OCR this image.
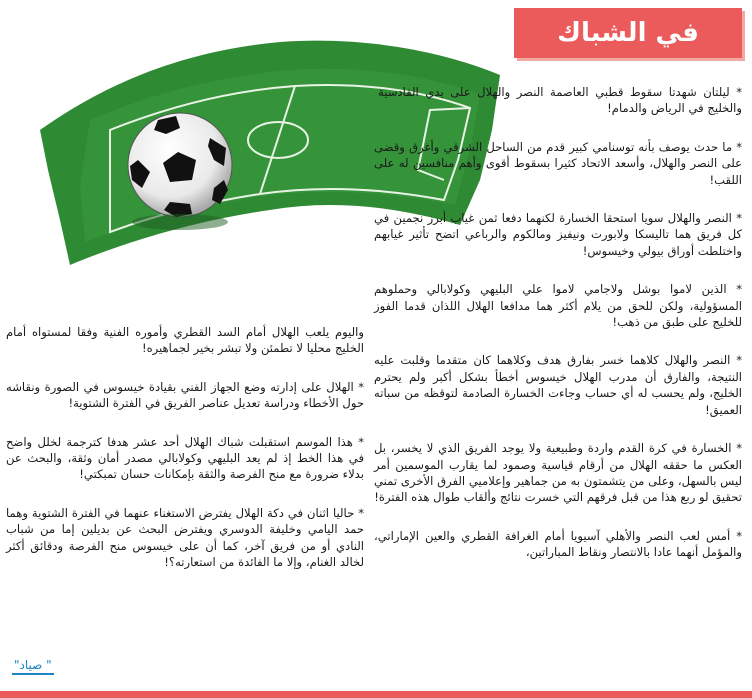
في الشباك

* ليلتان شهدتا سقوط قطبي العاصمة النصر والهلال على يدي القادسية والخليج في الرياض والدمام!

* ما حدث يوصف بأنه توسنامي كبير قدم من الساحل الشرقي وأغرق وقضى على النصر والهلال، وأسعد الاتحاد كثيرا بسقوط أقوى وأهم منافسين له على اللقب!

* النصر والهلال سويا استحقا الخسارة لكنهما دفعا ثمن غياب أبرز نجمين في كل فريق هما تاليسكا ولابورت ونيفيز ومالكوم والرباعي اتضح تأثير غيابهم واختلطت أوراق بيولي وخيسوس!

* الذين لاموا بوشل ولاجامي لاموا علي البليهي وكولابالي وحملوهم المسؤولية، ولكن للحق من يلام أكثر هما مدافعا الهلال اللذان قدما الفوز للخليج على طبق من ذهب!

* النصر والهلال كلاهما خسر بفارق هدف وكلاهما كان متقدما وقلبت عليه النتيجة، والفارق أن مدرب الهلال خيسوس أخطأ بشكل أكبر ولم يحترم الخليج، ولم يحسب له أي حساب وجاءت الخسارة الصادمة لتوقظه من سباته العميق!

* الخسارة في كرة القدم واردة وطبيعية ولا يوجد الفريق الذي لا يخسر، بل العكس ما حققه الهلال من أرقام قياسية وصمود لما يقارب الموسمين أمر ليس بالسهل، وعلى من يتشمتون به من جماهير وإعلاميي الفرق الأخرى تمني تحقيق لو ربع هذا من قبل فرقهم التي خسرت نتائج وألقاب طوال هذه الفترة!

* أمس لعب النصر والأهلي آسيويا أمام الغرافة القطري والعين الإماراتي، والمؤمل أنهما عادا بالانتصار ونقاط المباراتين،

واليوم يلعب الهلال أمام السد القطري وأموره الفنية وفقا لمستواه أمام الخليج محليا لا تطمئن ولا تبشر بخير لجماهيره!

* الهلال على إدارته وضع الجهاز الفني بقيادة خيسوس في الصورة ونقاشه حول الأخطاء ودراسة تعديل عناصر الفريق في الفترة الشتوية!

* هذا الموسم استقبلت شباك الهلال أحد عشر هدفا كترجمة لخلل واضح في هذا الخط إذ لم يعد البليهي وكولابالي مصدر أمان وثقة، والبحث عن بدلاء ضرورة مع منح الفرصة والثقة بإمكانات حسان تمبكتي!

* حاليا اثنان في دكة الهلال يفترض الاستغناء عنهما في الفترة الشتوية وهما حمد اليامي وخليفة الدوسري ويفترض البحث عن بديلين إما من شباب النادي أو من فريق آخر، كما أن على خيسوس منح الفرصة ودقائق أكثر لخالد الغنام، وإلا ما الفائدة من استعارته؟!

" صياد"
